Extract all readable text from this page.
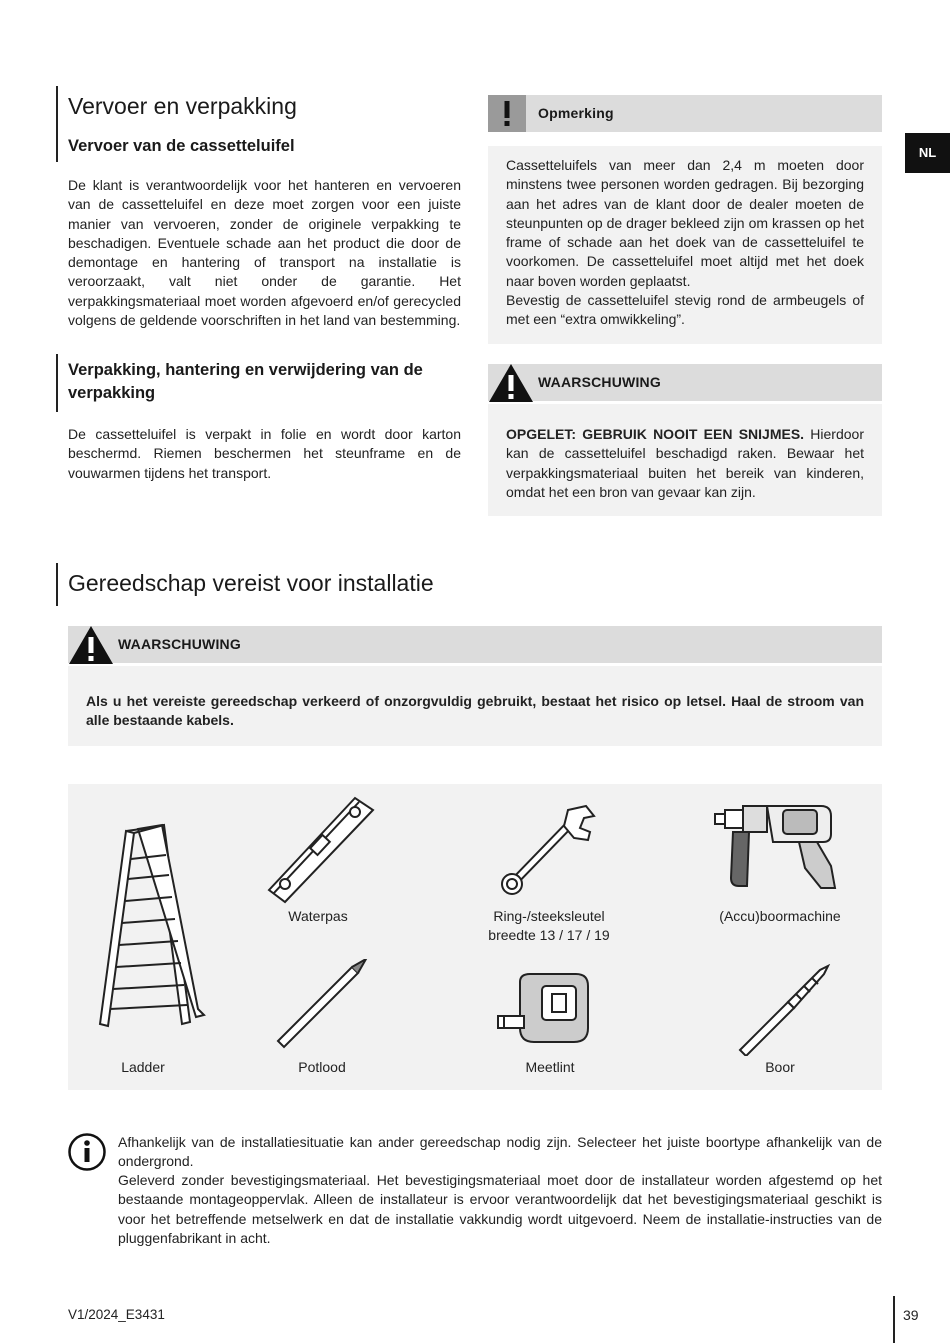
NL
Vervoer en verpakking
Vervoer van de cassetteluifel

De klant is verantwoordelijk voor het hanteren en vervoeren van de cassetteluifel en deze moet zorgen voor een juiste manier van vervoeren, zonder de originele verpakking te beschadigen. Eventuele schade aan het product die door de demontage en hantering of transport na installatie is veroorzaakt, valt niet onder de garantie. Het verpakkingsmateriaal moet worden afgevoerd en/of gerecycled volgens de geldende voorschriften in het land van bestemming.

Verpakking, hantering en verwijdering van de verpakking

De cassetteluifel is verpakt in folie en wordt door karton beschermd. Riemen beschermen het steunframe en de vouwarmen tijdens het transport.

Opmerking

Cassetteluifels van meer dan 2,4 m moeten door minstens twee personen worden gedragen. Bij bezorging aan het adres van de klant door de dealer moeten de steunpunten op de drager bekleed zijn om krassen op het frame of schade aan het doek van de cassetteluifel te voorkomen. De cassetteluifel moet altijd met het doek naar boven worden geplaatst.

Bevestig de cassetteluifel stevig rond de armbeugels of met een “extra omwikkeling”.

WAARSCHUWING

OPGELET: GEBRUIK NOOIT EEN SNIJMES. Hierdoor kan de cassetteluifel beschadigd raken. Bewaar het verpakkingsmateriaal buiten het bereik van kinderen, omdat het een bron van gevaar kan zijn.

Gereedschap vereist voor installatie
WAARSCHUWING

Als u het vereiste gereedschap verkeerd of onzorgvuldig gebruikt, bestaat het risico op letsel. Haal de stroom van alle bestaande kabels.

Ladder
Waterpas	Ring-/steeksleutel
breedte 13 / 17 / 19
(Accu)boormachine
Potlood	Meetlint	Boor

Afhankelijk van de installatiesituatie kan ander gereedschap nodig zijn. Selecteer het juiste boortype afhankelijk van de ondergrond.

Geleverd zonder bevestigingsmateriaal. Het bevestigingsmateriaal moet door de installateur worden afgestemd op het bestaande montageoppervlak. Alleen de installateur is ervoor verantwoordelijk dat het bevestigingsmateriaal geschikt is voor het betreffende metselwerk en dat de installatie vakkundig wordt uitgevoerd. Neem de installatie-instructies van de pluggenfabrikant in acht.

V1/2024_E3431	39
